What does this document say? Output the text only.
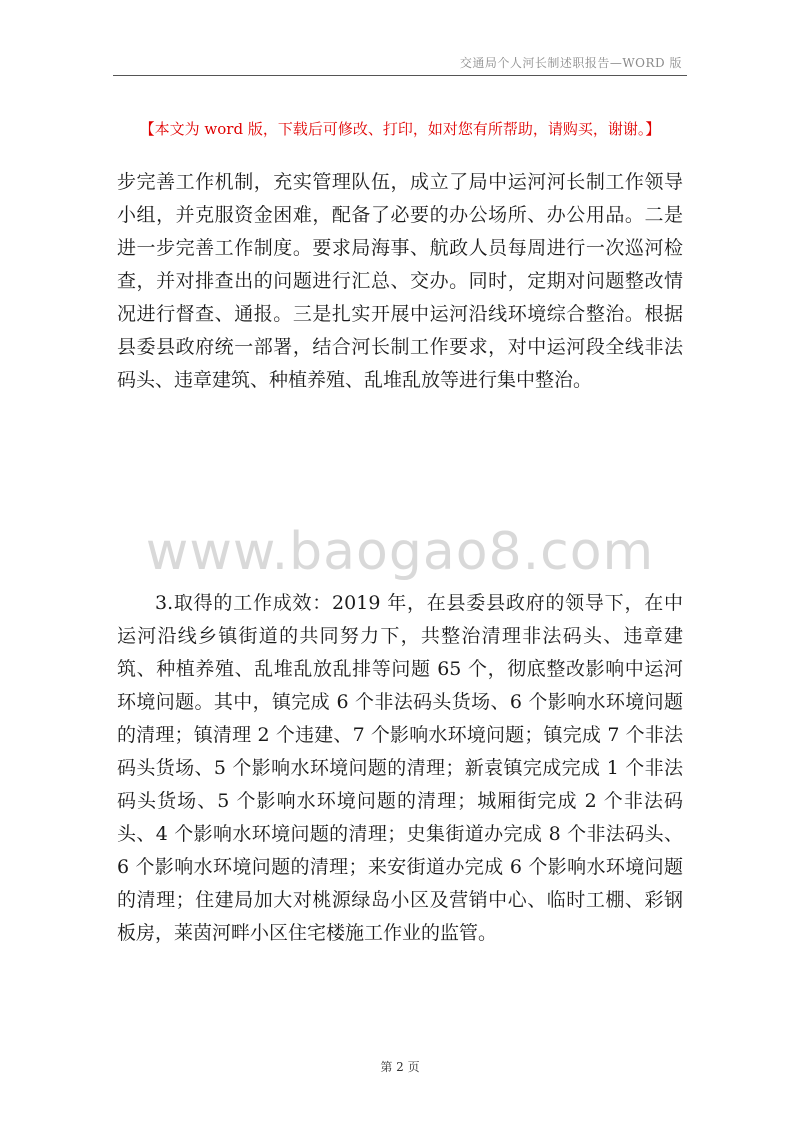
交通局个人河长制述职报告—WORD 版
【本文为 word 版，下载后可修改、打印，如对您有所帮助，请购买，谢谢。】

步完善工作机制，充实管理队伍，成立了局中运河河长制工作领导小组，并克服资金困难，配备了必要的办公场所、办公用品。二是进一步完善工作制度。要求局海事、航政人员每周进行一次巡河检查，并对排查出的问题进行汇总、交办。同时，定期对问题整改情况进行督查、通报。三是扎实开展中运河沿线环境综合整治。根据县委县政府统一部署，结合河长制工作要求，对中运河段全线非法码头、违章建筑、种植养殖、乱堆乱放等进行集中整治。

www.baogao8.com

3.取得的工作成效：2019 年，在县委县政府的领导下，在中运河沿线乡镇街道的共同努力下，共整治清理非法码头、违章建筑、种植养殖、乱堆乱放乱排等问题 65 个，彻底整改影响中运河环境问题。其中，镇完成 6 个非法码头货场、6 个影响水环境问题的清理；镇清理 2 个违建、7 个影响水环境问题；镇完成 7 个非法码头货场、5 个影响水环境问题的清理；新袁镇完成完成 1 个非法码头货场、5 个影响水环境问题的清理；城厢街完成 2 个非法码头、4 个影响水环境问题的清理；史集街道办完成 8 个非法码头、6 个影响水环境问题的清理；来安街道办完成 6 个影响水环境问题的清理；住建局加大对桃源绿岛小区及营销中心、临时工棚、彩钢板房，莱茵河畔小区住宅楼施工作业的监管。

第 2 页
